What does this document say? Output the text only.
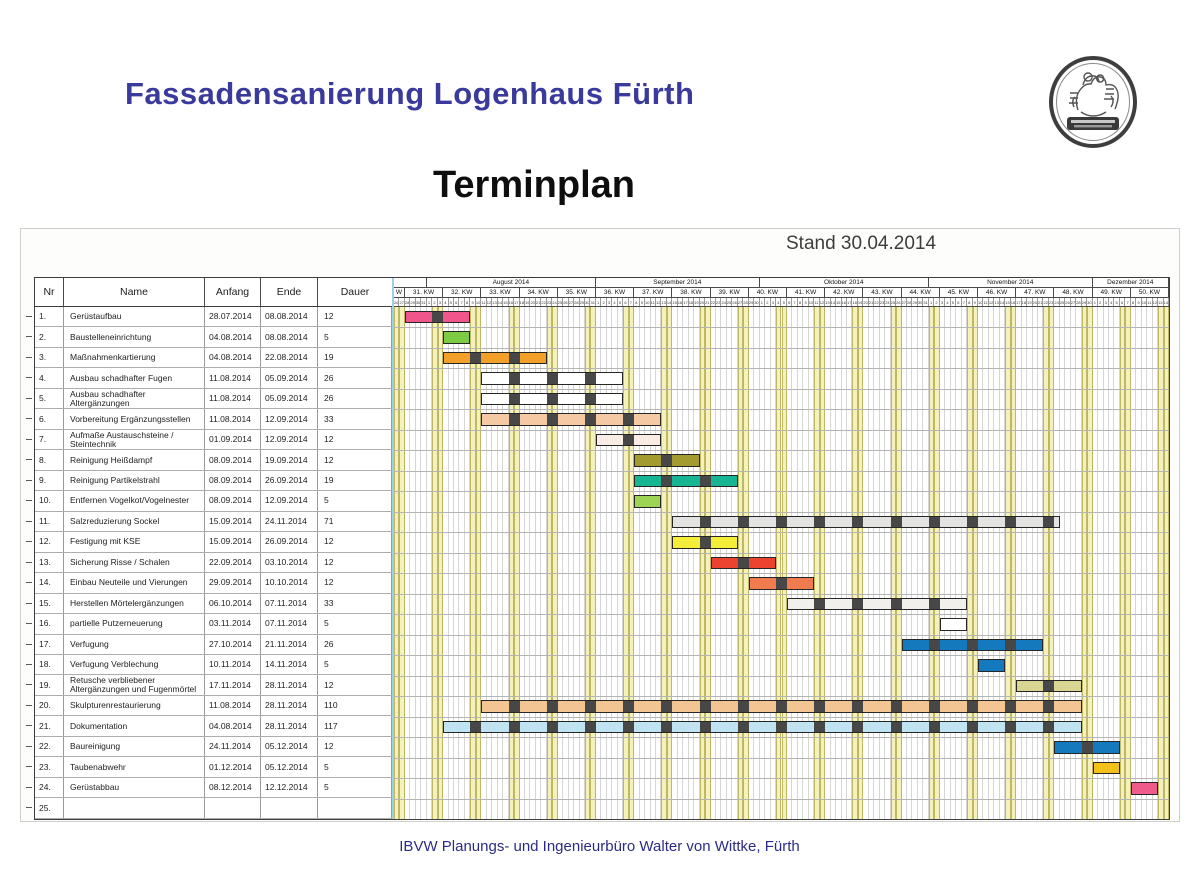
Fassadensanierung Logenhaus Fürth
Terminplan
Nr	Name	Anfang	Ende	Dauer
1.	Gerüstaufbau	28.07.2014	08.08.2014	12
2.	Baustelleneinrichtung	04.08.2014	08.08.2014	5
3.	Maßnahmenkartierung	04.08.2014	22.08.2014	19
4.	Ausbau schadhafter Fugen	11.08.2014	05.09.2014	26
5.	Ausbau schadhafter Altergänzungen	11.08.2014	05.09.2014	26
6.	Vorbereitung Ergänzungsstellen	11.08.2014	12.09.2014	33
7.	Aufmaße Austauschsteine / Steintechnik	01.09.2014	12.09.2014	12
8.	Reinigung Heißdampf	08.09.2014	19.09.2014	12
9.	Reinigung Partikelstrahl	08.09.2014	26.09.2014	19
10.	Entfernen Vogelkot/Vogelnester	08.09.2014	12.09.2014	5
11.	Salzreduzierung Sockel	15.09.2014	24.11.2014	71
12.	Festigung mit KSE	15.09.2014	26.09.2014	12
13.	Sicherung Risse / Schalen	22.09.2014	03.10.2014	12
14.	Einbau Neuteile und Vierungen	29.09.2014	10.10.2014	12
15.	Herstellen Mörtelergänzungen	06.10.2014	07.11.2014	33
16.	partielle Putzerneuerung	03.11.2014	07.11.2014	5
17.	Verfugung	27.10.2014	21.11.2014	26
18.	Verfugung Verblechung	10.11.2014	14.11.2014	5
19.	Retusche verbliebener Altergänzungen und Fugenmörtel	17.11.2014	28.11.2014	12
20.	Skulpturenrestaurierung	11.08.2014	28.11.2014	110
21.	Dokumentation	04.08.2014	28.11.2014	117
22.	Baureinigung	24.11.2014	05.12.2014	12
23.	Taubenabwehr	01.12.2014	05.12.2014	5
24.	Gerüstabbau	08.12.2014	12.12.2014	5
25.
August 2014	September 2014	Oktober 2014	November 2014	Dezember 2014
W	31. KW	32. KW	33. KW	34. KW	35. KW	36. KW	37. KW	38. KW	39. KW	40. KW	41. KW	42. KW	43. KW	44. KW	45. KW	46. KW	47. KW	48. KW	49. KW	50. KW
26 27 28 29 30 31 1 2 3 4 5 6 7 8 9 10 11 12 13 14 15 16 17 18 19 20 21 22 23 24 25 26 27 28 29 30 31 1 2 3 4 5 6 7 8 9 10 11 12 13 14 15 16 17 18 19 20 21 22 23 24 25 26 27 28 29 30 1 2 3 4 5 6 7 8 9 10 11 12 13 14 15 16 17 18 19 20 21 22 23 24 25 26 27 28 29 30 31 1 2 3 4 5 6 7 8 9 10 11 12 13 14 15 16 17 18 19 20 21 22 23 24 25 26 27 28 29 30 1 2 3 4 5 6 7 8 9 10 11 12 13 14
Stand 30.04.2014
IBVW Planungs- und Ingenieurbüro Walter von Wittke, Fürth
